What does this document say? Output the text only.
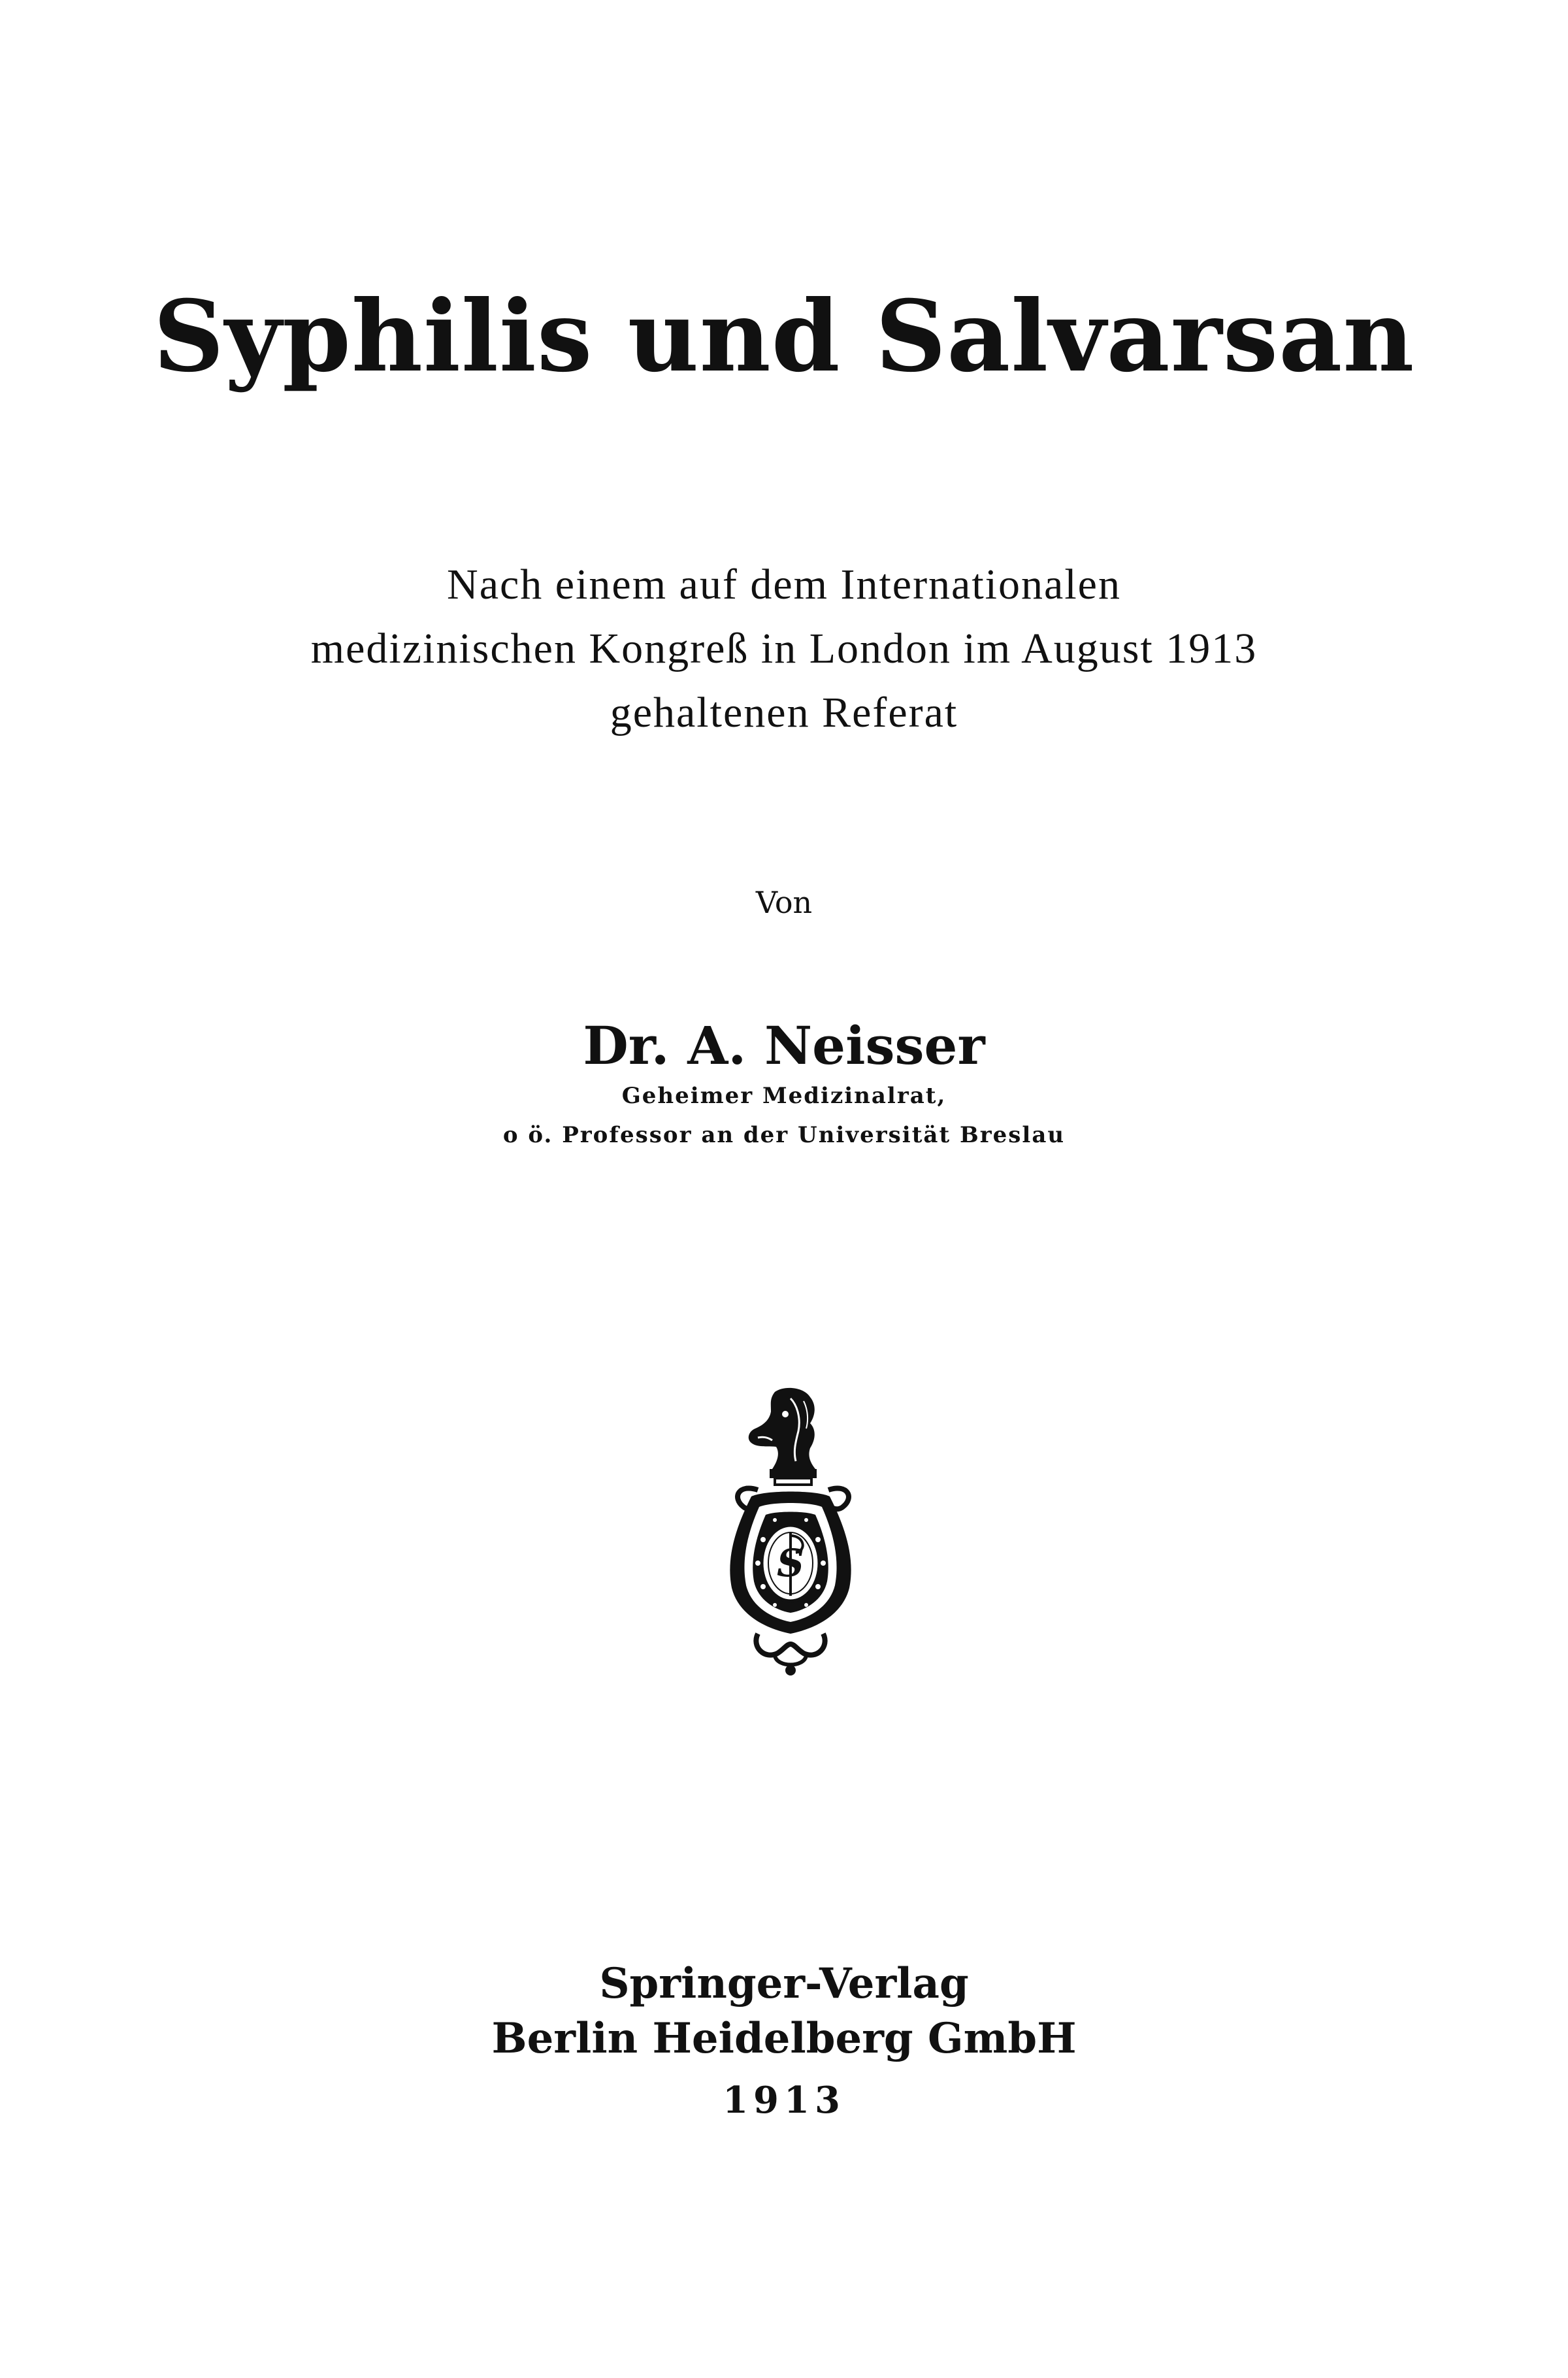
Syphilis und Salvarsan
Nach einem auf dem Internationalen
medizinischen Kongreß in London im August 1913
gehaltenen Referat
Von
Dr. A. Neisser
Geheimer Medizinalrat,
o ö. Professor an der Universität Breslau
S
Springer-Verlag
Berlin Heidelberg GmbH
1913
